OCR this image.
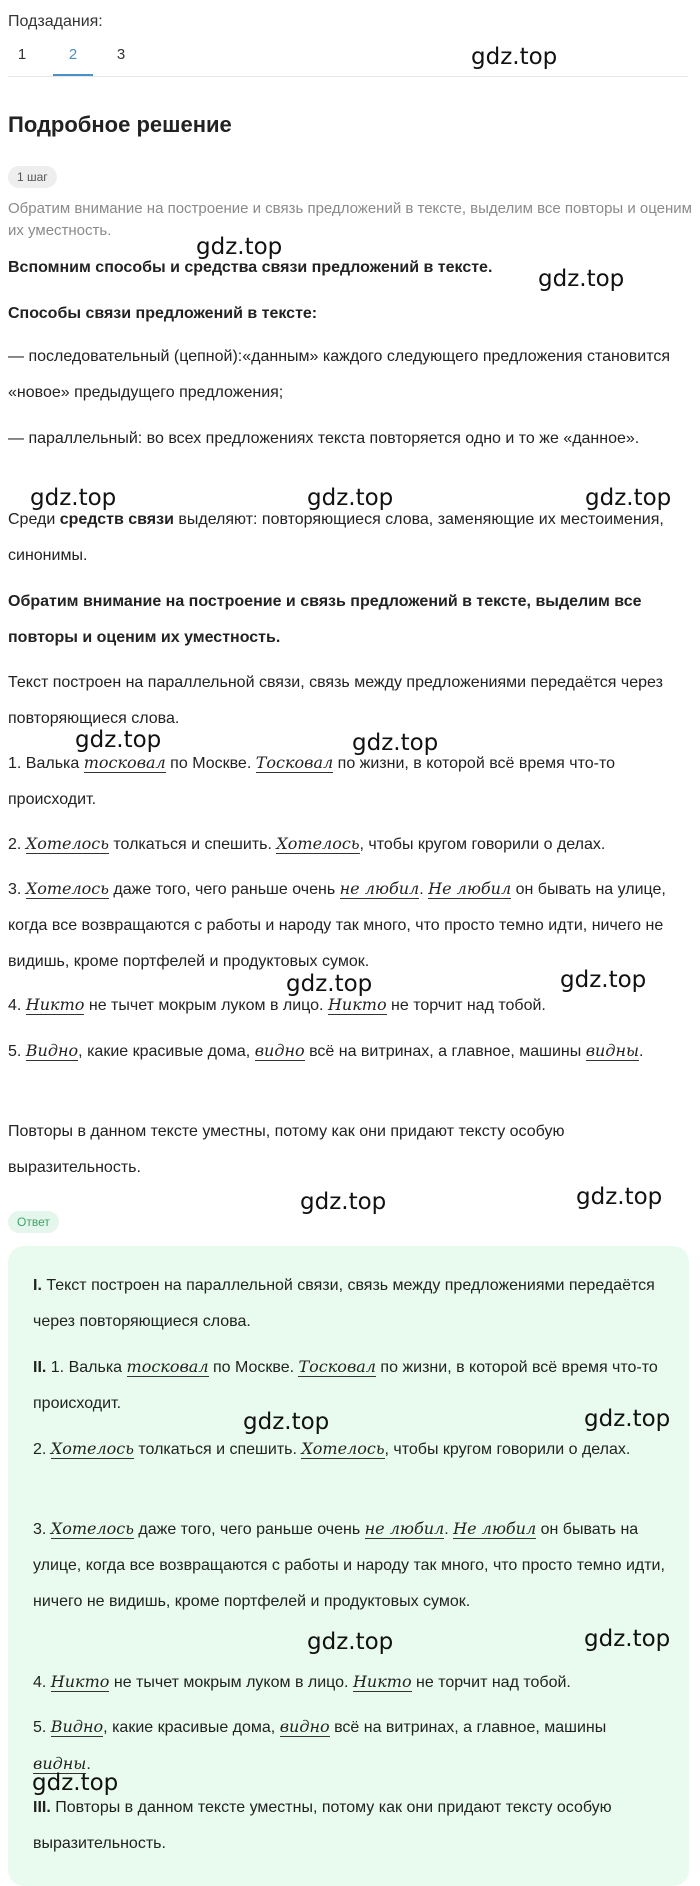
Подзадания:
1	2	3
Подробное решение
1 шаг

Обратим внимание на построение и связь предложений в тексте, выделим все повторы и оценим их уместность.

Вспомним способы и средства связи предложений в тексте.

Способы связи предложений в тексте:

— последовательный (цепной):«данным» каждого следующего предложения становится «новое» предыдущего предложения;

— параллельный: во всех предложениях текста повторяется одно и то же «данное».

Среди средств связи выделяют: повторяющиеся слова, заменяющие их местоимения, синонимы.

Обратим внимание на построение и связь предложений в тексте, выделим все повторы и оценим их уместность.

Текст построен на параллельной связи, связь между предложениями передаётся через повторяющиеся слова.

1. Валька тосковал по Москве. Тосковал по жизни, в которой всё время что-то происходит.

2. Хотелось толкаться и спешить. Хотелось, чтобы кругом говорили о делах.

3. Хотелось даже того, чего раньше очень не любил. Не любил он бывать на улице, когда все возвращаются с работы и народу так много, что просто темно идти, ничего не видишь, кроме портфелей и продуктовых сумок.

4. Никто не тычет мокрым луком в лицо. Никто не торчит над тобой.

5. Видно, какие красивые дома, видно всё на витринах, а главное, машины видны.

Повторы в данном тексте уместны, потому как они придают тексту особую выразительность.

Ответ

I. Текст построен на параллельной связи, связь между предложениями передаётся через повторяющиеся слова.

II. 1. Валька тосковал по Москве. Тосковал по жизни, в которой всё время что-то происходит.

2. Хотелось толкаться и спешить. Хотелось, чтобы кругом говорили о делах.

3. Хотелось даже того, чего раньше очень не любил. Не любил он бывать на улице, когда все возвращаются с работы и народу так много, что просто темно идти, ничего не видишь, кроме портфелей и продуктовых сумок.

4. Никто не тычет мокрым луком в лицо. Никто не торчит над тобой.

5. Видно, какие красивые дома, видно всё на витринах, а главное, машины видны.

III. Повторы в данном тексте уместны, потому как они придают тексту особую выразительность.

gdz.top
gdz.top
gdz.top
gdz.top	gdz.top	gdz.top
gdz.top	gdz.top
gdz.top	gdz.top
gdz.top	gdz.top
gdz.top	gdz.top
gdz.top	gdz.top
gdz.top
